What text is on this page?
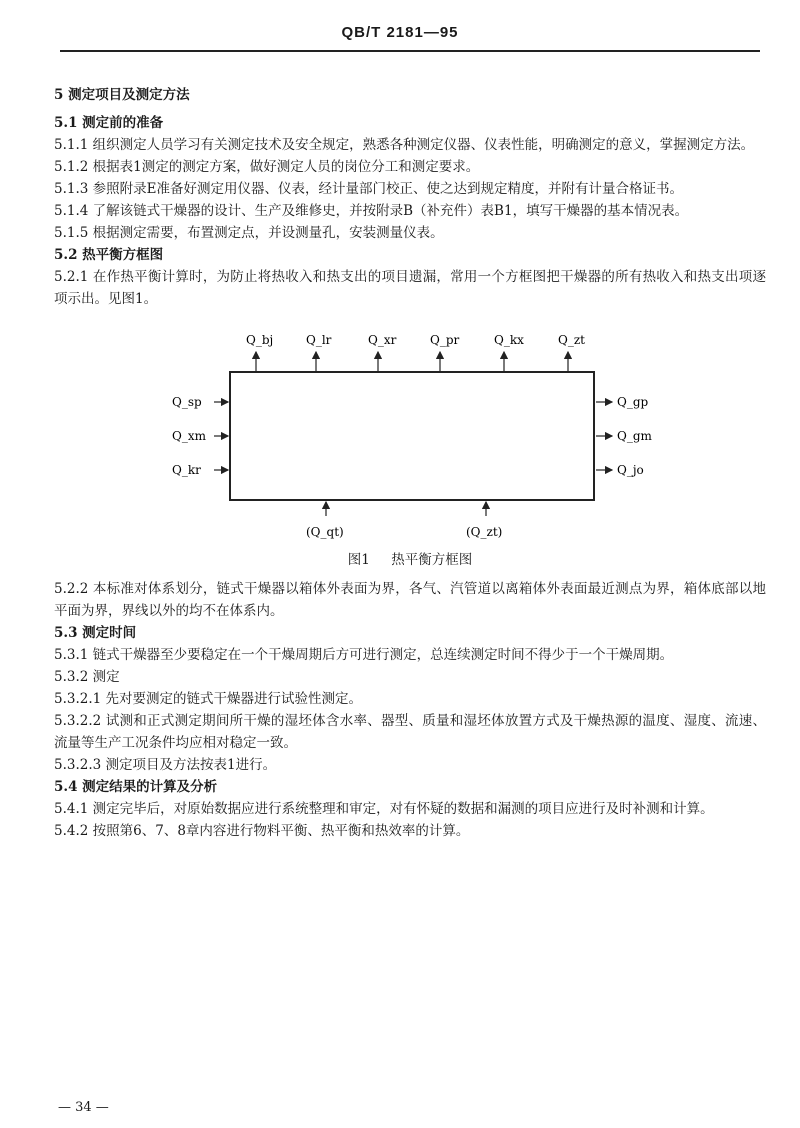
QB/T 2181—95

5 测定项目及测定方法

5.1 测定前的准备

5.1.1 组织测定人员学习有关测定技术及安全规定，熟悉各种测定仪器、仪表性能，明确测定的意义，掌握测定方法。

5.1.2 根据表1测定的测定方案，做好测定人员的岗位分工和测定要求。

5.1.3 参照附录E准备好测定用仪器、仪表，经计量部门校正、使之达到规定精度，并附有计量合格证书。

5.1.4 了解该链式干燥器的设计、生产及维修史，并按附录B（补充件）表B1，填写干燥器的基本情况表。

5.1.5 根据测定需要，布置测定点，并设测量孔，安装测量仪表。

5.2 热平衡方框图

5.2.1 在作热平衡计算时，为防止将热收入和热支出的项目遗漏，常用一个方框图把干燥器的所有热收入和热支出项逐项示出。见图1。

Q_bj	Q_lr	Q_xr	Q_pr	Q_kx	Q_zt
Q_sp
Q_xm
Q_kr
Q_gp
Q_gm
Q_jo
(Q_qt)	(Q_zt)
图1 热平衡方框图

5.2.2 本标准对体系划分，链式干燥器以箱体外表面为界，各气、汽管道以离箱体外表面最近测点为界，箱体底部以地平面为界，界线以外的均不在体系内。

5.3 测定时间

5.3.1 链式干燥器至少要稳定在一个干燥周期后方可进行测定，总连续测定时间不得少于一个干燥周期。

5.3.2 测定

5.3.2.1 先对要测定的链式干燥器进行试验性测定。

5.3.2.2 试测和正式测定期间所干燥的湿坯体含水率、器型、质量和湿坯体放置方式及干燥热源的温度、湿度、流速、流量等生产工况条件均应相对稳定一致。

5.3.2.3 测定项目及方法按表1进行。

5.4 测定结果的计算及分析

5.4.1 测定完毕后，对原始数据应进行系统整理和审定，对有怀疑的数据和漏测的项目应进行及时补测和计算。

5.4.2 按照第6、7、8章内容进行物料平衡、热平衡和热效率的计算。

— 34 —
